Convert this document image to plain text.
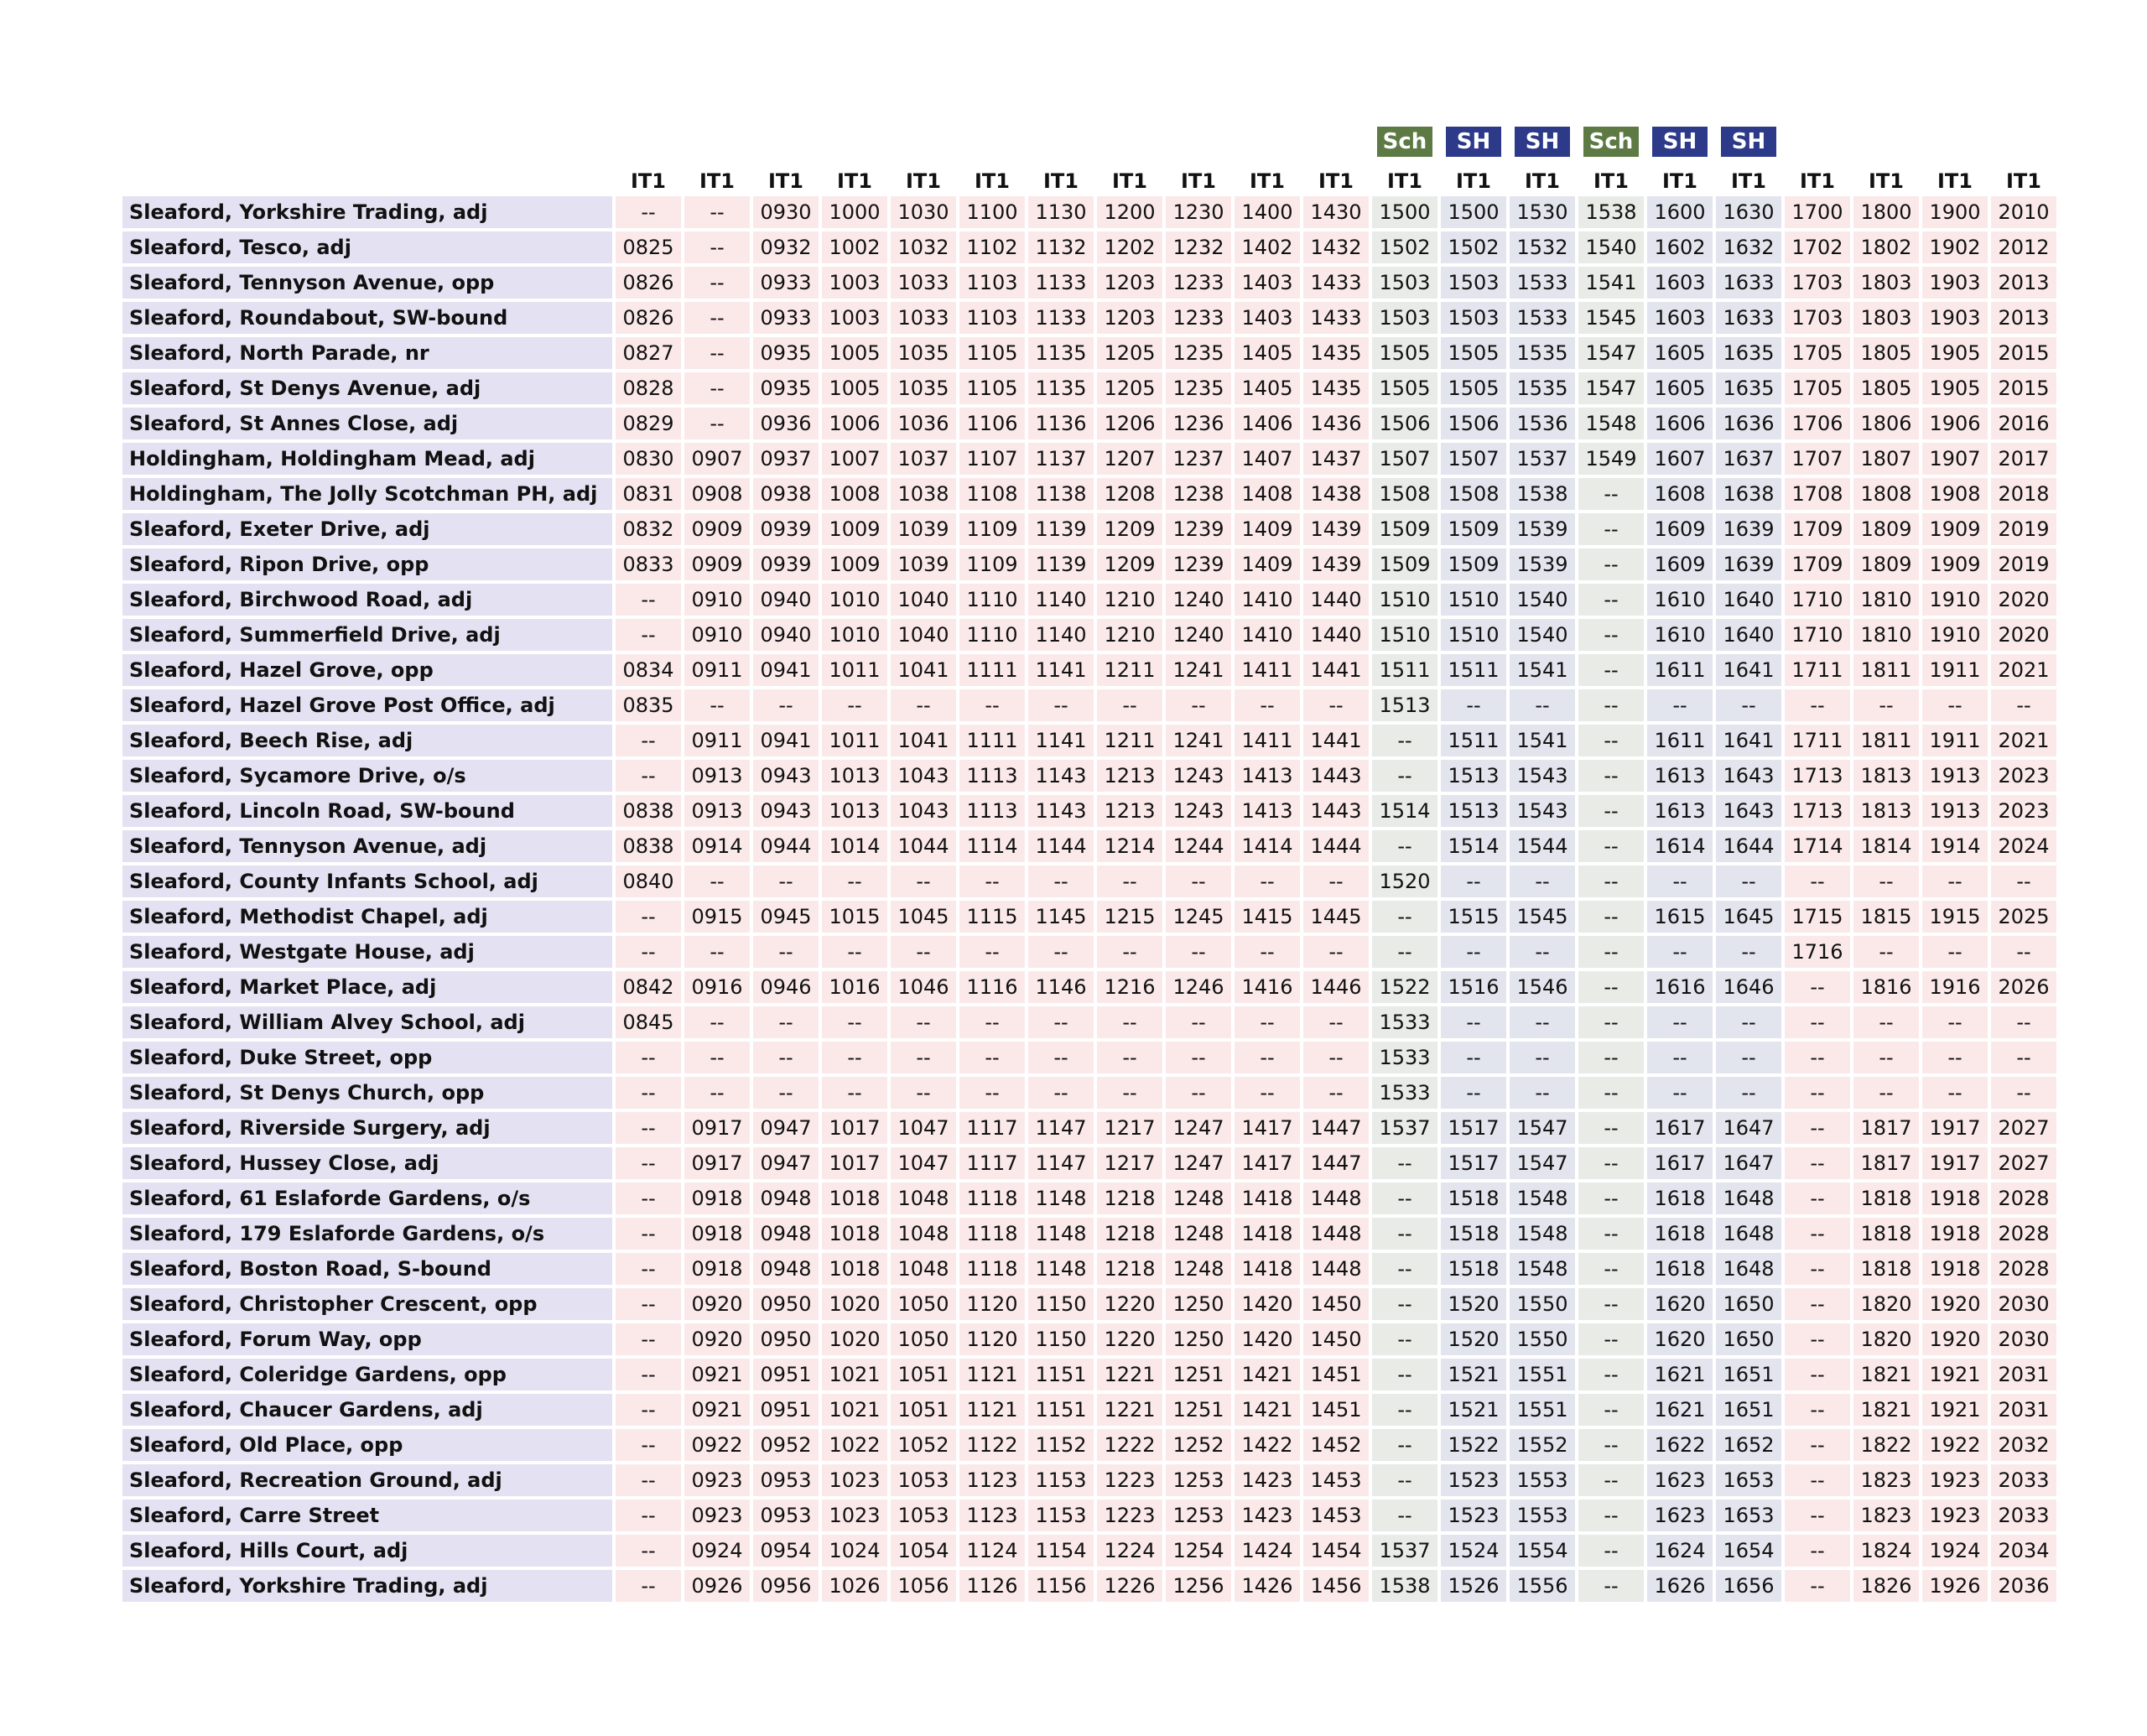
												Sch	SH	SH	Sch	SH	SH				
	IT1	IT1	IT1	IT1	IT1	IT1	IT1	IT1	IT1	IT1	IT1	IT1	IT1	IT1	IT1	IT1	IT1	IT1	IT1	IT1	IT1
Sleaford, Yorkshire Trading, adj	--	--	0930	1000	1030	1100	1130	1200	1230	1400	1430	1500	1500	1530	1538	1600	1630	1700	1800	1900	2010
Sleaford, Tesco, adj	0825	--	0932	1002	1032	1102	1132	1202	1232	1402	1432	1502	1502	1532	1540	1602	1632	1702	1802	1902	2012
Sleaford, Tennyson Avenue, opp	0826	--	0933	1003	1033	1103	1133	1203	1233	1403	1433	1503	1503	1533	1541	1603	1633	1703	1803	1903	2013
Sleaford, Roundabout, SW-bound	0826	--	0933	1003	1033	1103	1133	1203	1233	1403	1433	1503	1503	1533	1545	1603	1633	1703	1803	1903	2013
Sleaford, North Parade, nr	0827	--	0935	1005	1035	1105	1135	1205	1235	1405	1435	1505	1505	1535	1547	1605	1635	1705	1805	1905	2015
Sleaford, St Denys Avenue, adj	0828	--	0935	1005	1035	1105	1135	1205	1235	1405	1435	1505	1505	1535	1547	1605	1635	1705	1805	1905	2015
Sleaford, St Annes Close, adj	0829	--	0936	1006	1036	1106	1136	1206	1236	1406	1436	1506	1506	1536	1548	1606	1636	1706	1806	1906	2016
Holdingham, Holdingham Mead, adj	0830	0907	0937	1007	1037	1107	1137	1207	1237	1407	1437	1507	1507	1537	1549	1607	1637	1707	1807	1907	2017
Holdingham, The Jolly Scotchman PH, adj	0831	0908	0938	1008	1038	1108	1138	1208	1238	1408	1438	1508	1508	1538	--	1608	1638	1708	1808	1908	2018
Sleaford, Exeter Drive, adj	0832	0909	0939	1009	1039	1109	1139	1209	1239	1409	1439	1509	1509	1539	--	1609	1639	1709	1809	1909	2019
Sleaford, Ripon Drive, opp	0833	0909	0939	1009	1039	1109	1139	1209	1239	1409	1439	1509	1509	1539	--	1609	1639	1709	1809	1909	2019
Sleaford, Birchwood Road, adj	--	0910	0940	1010	1040	1110	1140	1210	1240	1410	1440	1510	1510	1540	--	1610	1640	1710	1810	1910	2020
Sleaford, Summerfield Drive, adj	--	0910	0940	1010	1040	1110	1140	1210	1240	1410	1440	1510	1510	1540	--	1610	1640	1710	1810	1910	2020
Sleaford, Hazel Grove, opp	0834	0911	0941	1011	1041	1111	1141	1211	1241	1411	1441	1511	1511	1541	--	1611	1641	1711	1811	1911	2021
Sleaford, Hazel Grove Post Office, adj	0835	--	--	--	--	--	--	--	--	--	--	1513	--	--	--	--	--	--	--	--	--
Sleaford, Beech Rise, adj	--	0911	0941	1011	1041	1111	1141	1211	1241	1411	1441	--	1511	1541	--	1611	1641	1711	1811	1911	2021
Sleaford, Sycamore Drive, o/s	--	0913	0943	1013	1043	1113	1143	1213	1243	1413	1443	--	1513	1543	--	1613	1643	1713	1813	1913	2023
Sleaford, Lincoln Road, SW-bound	0838	0913	0943	1013	1043	1113	1143	1213	1243	1413	1443	1514	1513	1543	--	1613	1643	1713	1813	1913	2023
Sleaford, Tennyson Avenue, adj	0838	0914	0944	1014	1044	1114	1144	1214	1244	1414	1444	--	1514	1544	--	1614	1644	1714	1814	1914	2024
Sleaford, County Infants School, adj	0840	--	--	--	--	--	--	--	--	--	--	1520	--	--	--	--	--	--	--	--	--
Sleaford, Methodist Chapel, adj	--	0915	0945	1015	1045	1115	1145	1215	1245	1415	1445	--	1515	1545	--	1615	1645	1715	1815	1915	2025
Sleaford, Westgate House, adj	--	--	--	--	--	--	--	--	--	--	--	--	--	--	--	--	--	1716	--	--	--
Sleaford, Market Place, adj	0842	0916	0946	1016	1046	1116	1146	1216	1246	1416	1446	1522	1516	1546	--	1616	1646	--	1816	1916	2026
Sleaford, William Alvey School, adj	0845	--	--	--	--	--	--	--	--	--	--	1533	--	--	--	--	--	--	--	--	--
Sleaford, Duke Street, opp	--	--	--	--	--	--	--	--	--	--	--	1533	--	--	--	--	--	--	--	--	--
Sleaford, St Denys Church, opp	--	--	--	--	--	--	--	--	--	--	--	1533	--	--	--	--	--	--	--	--	--
Sleaford, Riverside Surgery, adj	--	0917	0947	1017	1047	1117	1147	1217	1247	1417	1447	1537	1517	1547	--	1617	1647	--	1817	1917	2027
Sleaford, Hussey Close, adj	--	0917	0947	1017	1047	1117	1147	1217	1247	1417	1447	--	1517	1547	--	1617	1647	--	1817	1917	2027
Sleaford, 61 Eslaforde Gardens, o/s	--	0918	0948	1018	1048	1118	1148	1218	1248	1418	1448	--	1518	1548	--	1618	1648	--	1818	1918	2028
Sleaford, 179 Eslaforde Gardens, o/s	--	0918	0948	1018	1048	1118	1148	1218	1248	1418	1448	--	1518	1548	--	1618	1648	--	1818	1918	2028
Sleaford, Boston Road, S-bound	--	0918	0948	1018	1048	1118	1148	1218	1248	1418	1448	--	1518	1548	--	1618	1648	--	1818	1918	2028
Sleaford, Christopher Crescent, opp	--	0920	0950	1020	1050	1120	1150	1220	1250	1420	1450	--	1520	1550	--	1620	1650	--	1820	1920	2030
Sleaford, Forum Way, opp	--	0920	0950	1020	1050	1120	1150	1220	1250	1420	1450	--	1520	1550	--	1620	1650	--	1820	1920	2030
Sleaford, Coleridge Gardens, opp	--	0921	0951	1021	1051	1121	1151	1221	1251	1421	1451	--	1521	1551	--	1621	1651	--	1821	1921	2031
Sleaford, Chaucer Gardens, adj	--	0921	0951	1021	1051	1121	1151	1221	1251	1421	1451	--	1521	1551	--	1621	1651	--	1821	1921	2031
Sleaford, Old Place, opp	--	0922	0952	1022	1052	1122	1152	1222	1252	1422	1452	--	1522	1552	--	1622	1652	--	1822	1922	2032
Sleaford, Recreation Ground, adj	--	0923	0953	1023	1053	1123	1153	1223	1253	1423	1453	--	1523	1553	--	1623	1653	--	1823	1923	2033
Sleaford, Carre Street	--	0923	0953	1023	1053	1123	1153	1223	1253	1423	1453	--	1523	1553	--	1623	1653	--	1823	1923	2033
Sleaford, Hills Court, adj	--	0924	0954	1024	1054	1124	1154	1224	1254	1424	1454	1537	1524	1554	--	1624	1654	--	1824	1924	2034
Sleaford, Yorkshire Trading, adj	--	0926	0956	1026	1056	1126	1156	1226	1256	1426	1456	1538	1526	1556	--	1626	1656	--	1826	1926	2036
